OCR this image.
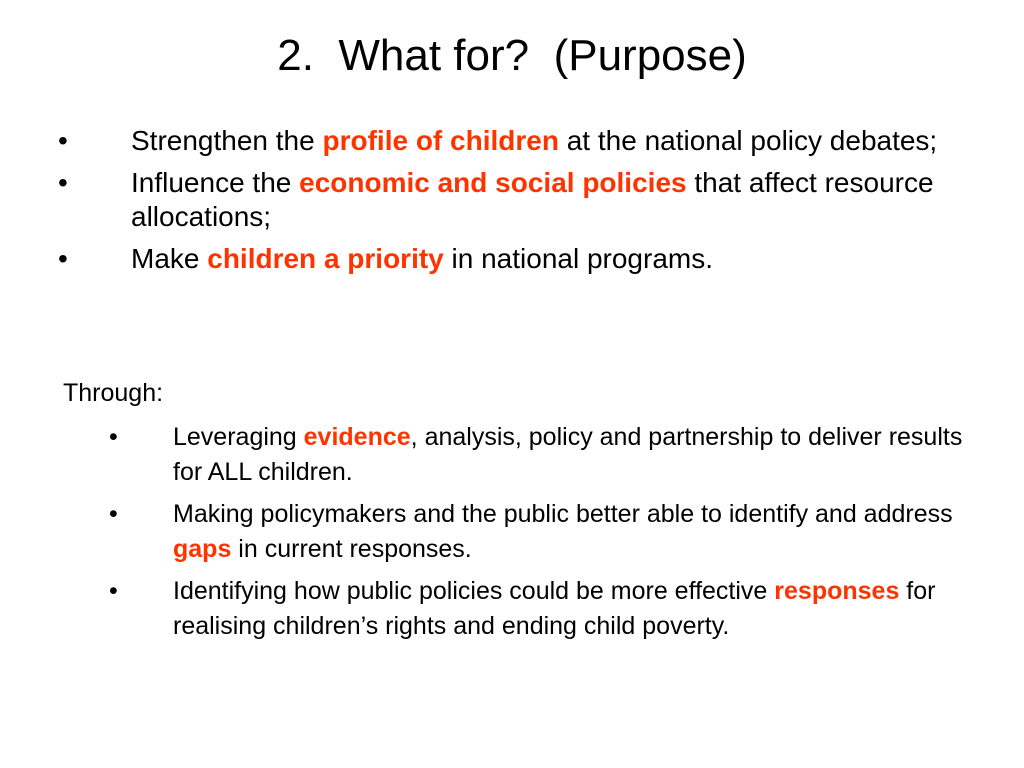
2.  What for?  (Purpose)
• Strengthen the profile of children at the national policy debates;
• Influence the economic and social policies that affect resource allocations;
• Make children a priority in national programs.
Through:
• Leveraging evidence, analysis, policy and partnership to deliver results for ALL children.
• Making policymakers and the public better able to identify and address gaps in current responses.
• Identifying how public policies could be more effective responses for realising children’s rights and ending child poverty.
